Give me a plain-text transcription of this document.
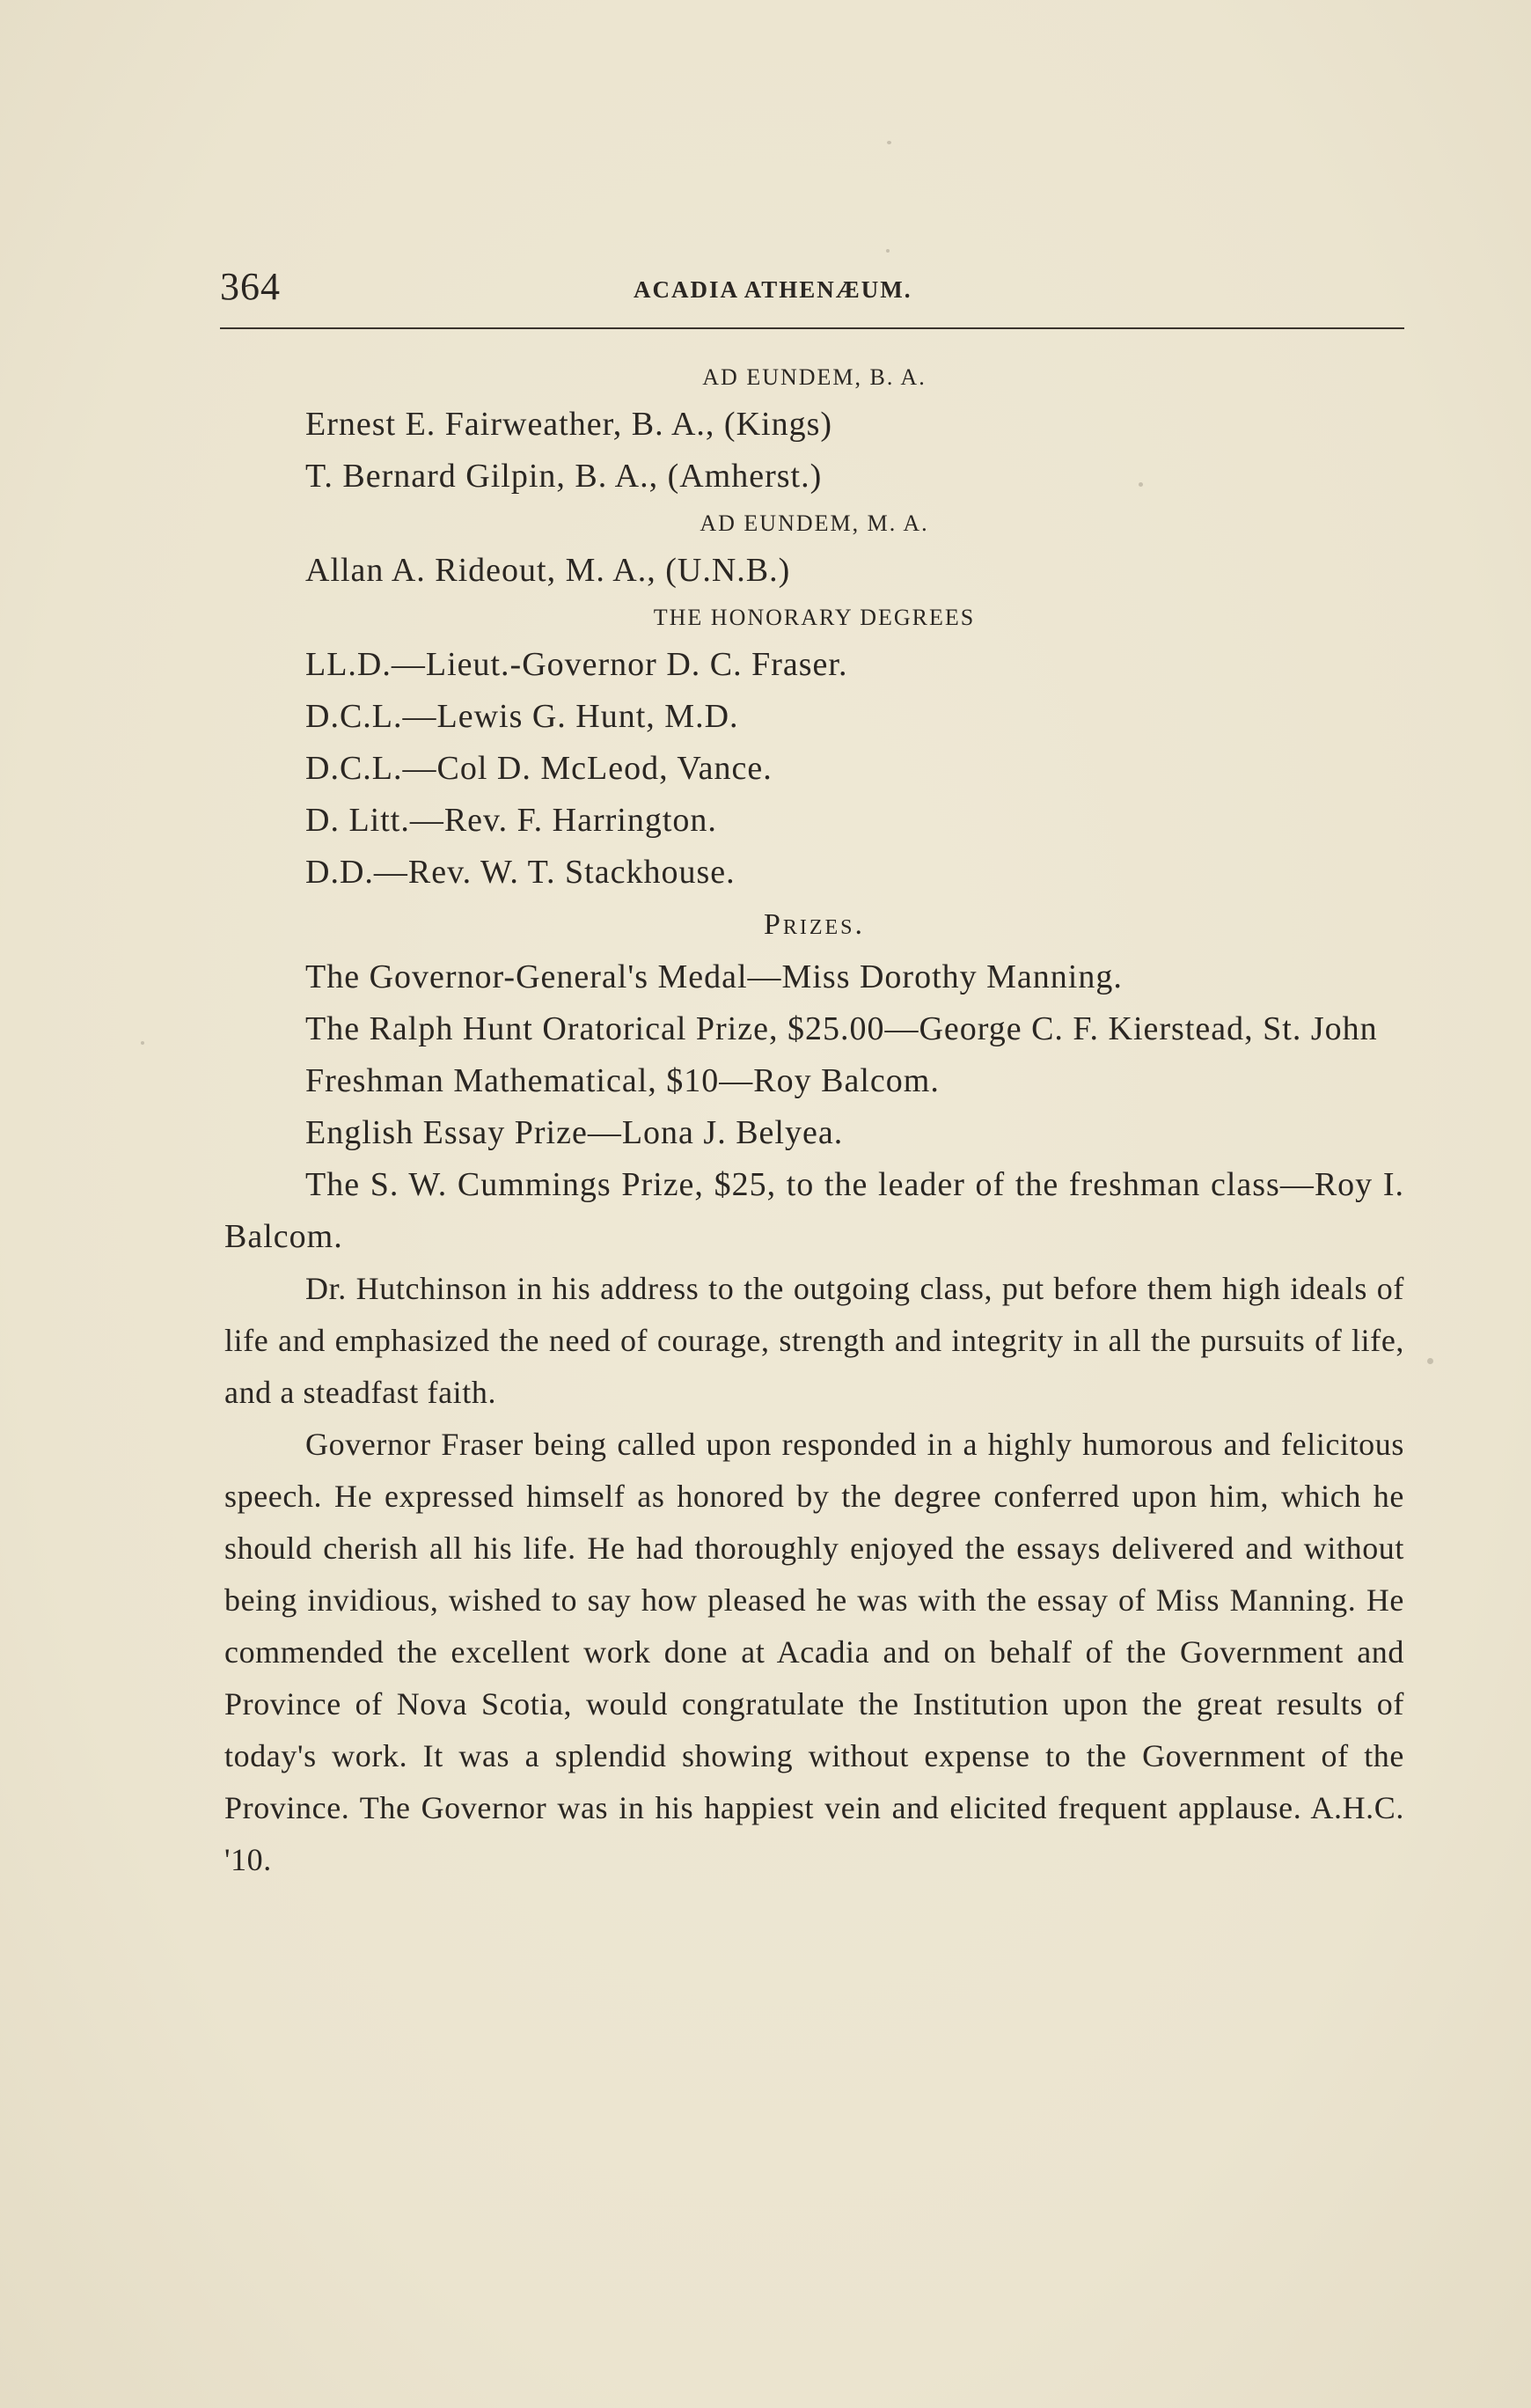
364	ACADIA ATHENÆUM.

AD EUNDEM, B. A.

Ernest E. Fairweather, B. A., (Kings)

T. Bernard Gilpin, B. A., (Amherst.)

AD EUNDEM, M. A.

Allan A. Rideout, M. A., (U.N.B.)

THE HONORARY DEGREES

LL.D.—Lieut.-Governor D. C. Fraser.

D.C.L.—Lewis G. Hunt, M.D.

D.C.L.—Col D. McLeod, Vance.

D. Litt.—Rev. F. Harrington.

D.D.—Rev. W. T. Stackhouse.

Prizes.

The Governor-General's Medal—Miss Dorothy Manning.

The Ralph Hunt Oratorical Prize, $25.00—George C. F. Kierstead, St. John

Freshman Mathematical, $10—Roy Balcom.

English Essay Prize—Lona J. Belyea.

The S. W. Cummings Prize, $25, to the leader of the freshman class—Roy I. Balcom.

Dr. Hutchinson in his address to the outgoing class, put before them high ideals of life and emphasized the need of courage, strength and integrity in all the pursuits of life, and a steadfast faith.

Governor Fraser being called upon responded in a highly humorous and felicitous speech. He expressed himself as honored by the degree conferred upon him, which he should cherish all his life. He had thoroughly enjoyed the essays delivered and without being invidious, wished to say how pleased he was with the essay of Miss Manning. He commended the excellent work done at Acadia and on behalf of the Government and Province of Nova Scotia, would congratulate the Institution upon the great results of today's work. It was a splendid showing without expense to the Government of the Province. The Governor was in his happiest vein and elicited frequent applause. A.H.C. '10.
